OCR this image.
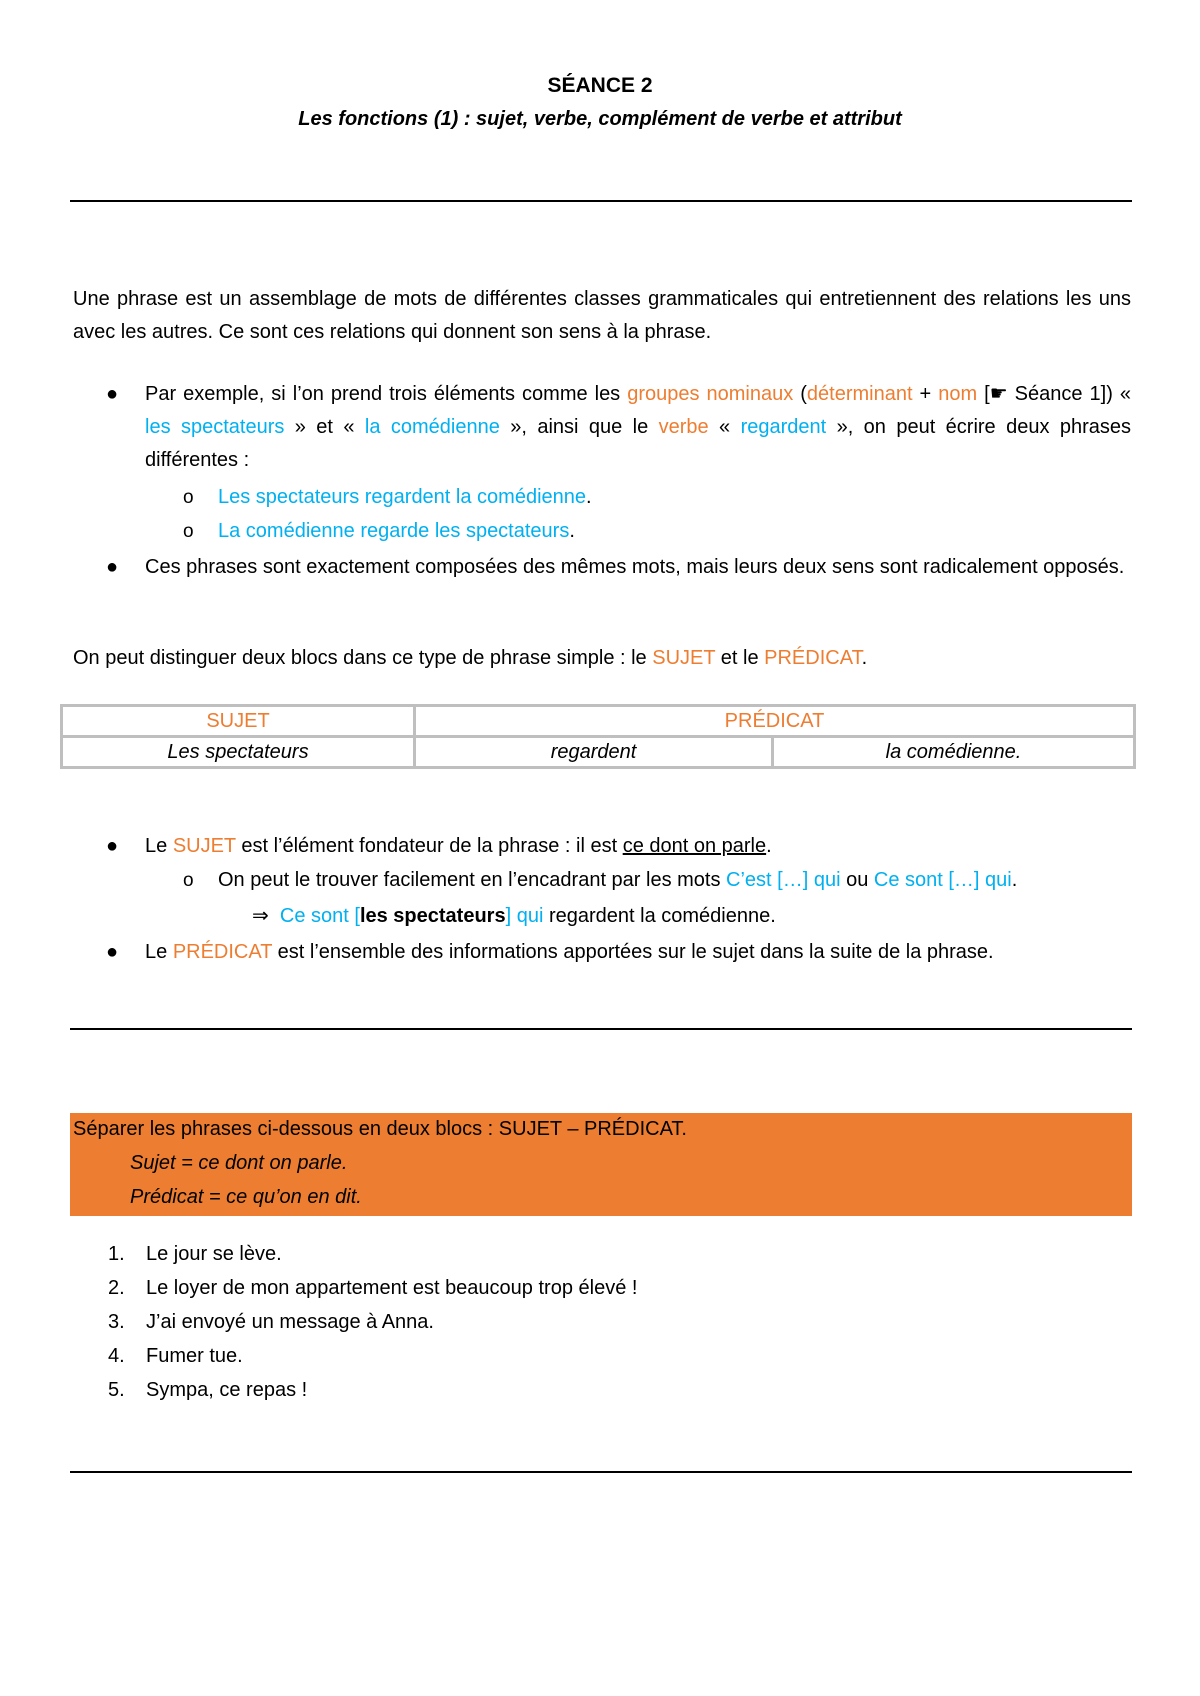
SÉANCE 2
Les fonctions (1) : sujet, verbe, complément de verbe et attribut
Une phrase est un assemblage de mots de différentes classes grammaticales qui entretiennent des relations les uns avec les autres. Ce sont ces relations qui donnent son sens à la phrase.
● Par exemple, si l’on prend trois éléments comme les groupes nominaux (déterminant + nom [☛ Séance 1]) « les spectateurs » et « la comédienne », ainsi que le verbe « regardent », on peut écrire deux phrases différentes :
o Les spectateurs regardent la comédienne.
o La comédienne regarde les spectateurs.
● Ces phrases sont exactement composées des mêmes mots, mais leurs deux sens sont radicalement opposés.
On peut distinguer deux blocs dans ce type de phrase simple : le SUJET et le PRÉDICAT.
SUJET	PRÉDICAT	
Les spectateurs	regardent	la comédienne.
● Le SUJET est l’élément fondateur de la phrase : il est ce dont on parle.
o On peut le trouver facilement en l’encadrant par les mots C’est […] qui ou Ce sont […] qui.
⇒ Ce sont [les spectateurs] qui regardent la comédienne.
● Le PRÉDICAT est l’ensemble des informations apportées sur le sujet dans la suite de la phrase.
Séparer les phrases ci-dessous en deux blocs : SUJET – PRÉDICAT.
Sujet = ce dont on parle.
Prédicat = ce qu’on en dit.
1. Le jour se lève.
2. Le loyer de mon appartement est beaucoup trop élevé !
3. J’ai envoyé un message à Anna.
4. Fumer tue.
5. Sympa, ce repas !
